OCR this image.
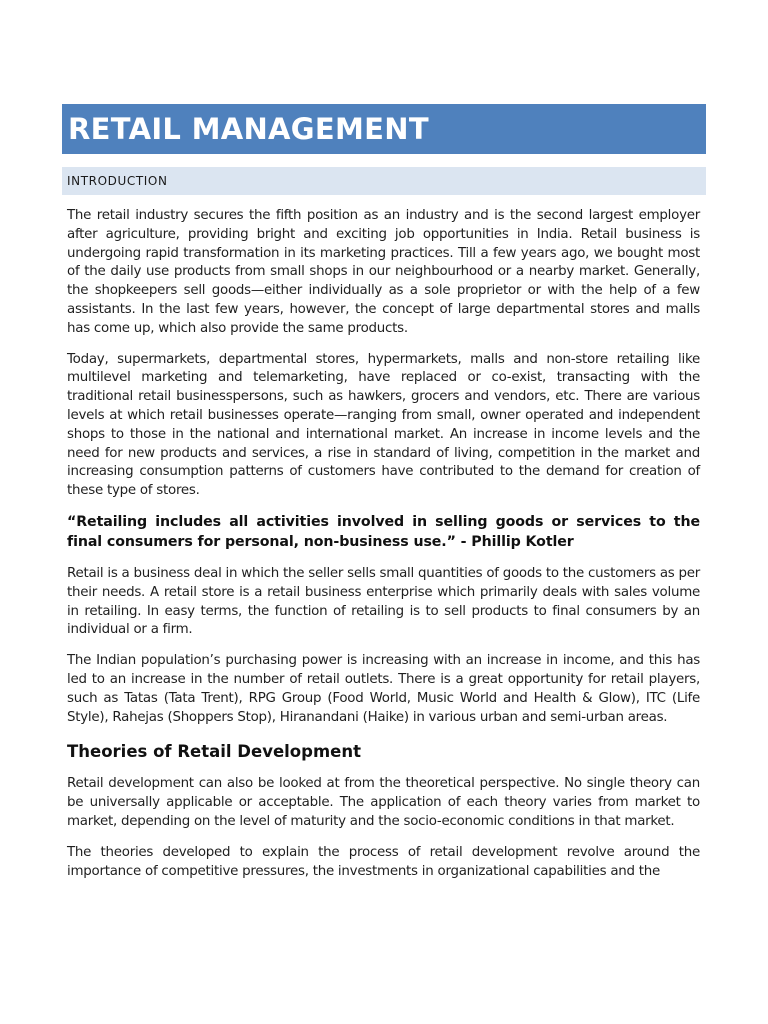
RETAIL MANAGEMENT
INTRODUCTION

The retail industry secures the fifth position as an industry and is the second largest employer after agriculture, providing bright and exciting job opportunities in India. Retail business is undergoing rapid transformation in its marketing practices. Till a few years ago, we bought most of the daily use products from small shops in our neighbourhood or a nearby market. Generally, the shopkeepers sell goods—either individually as a sole proprietor or with the help of a few assistants. In the last few years, however, the concept of large departmental stores and malls has come up, which also provide the same products.

Today, supermarkets, departmental stores, hypermarkets, malls and non-store retailing like multilevel marketing and telemarketing, have replaced or co-exist, transacting with the traditional retail businesspersons, such as hawkers, grocers and vendors, etc. There are various levels at which retail businesses operate—ranging from small, owner operated and independent shops to those in the national and international market. An increase in income levels and the need for new products and services, a rise in standard of living, competition in the market and increasing consumption patterns of customers have contributed to the demand for creation of these type of stores.

“Retailing includes all activities involved in selling goods or services to the final consumers for personal, non-business use.” - Phillip Kotler

Retail is a business deal in which the seller sells small quantities of goods to the customers as per their needs. A retail store is a retail business enterprise which primarily deals with sales volume in retailing. In easy terms, the function of retailing is to sell products to final consumers by an individual or a firm.

The Indian population’s purchasing power is increasing with an increase in income, and this has led to an increase in the number of retail outlets. There is a great opportunity for retail players, such as Tatas (Tata Trent), RPG Group (Food World, Music World and Health & Glow), ITC (Life Style), Rahejas (Shoppers Stop), Hiranandani (Haike) in various urban and semi-urban areas.

Theories of Retail Development

Retail development can also be looked at from the theoretical perspective. No single theory can be universally applicable or acceptable. The application of each theory varies from market to market, depending on the level of maturity and the socio-economic conditions in that market.

The theories developed to explain the process of retail development revolve around the importance of competitive pressures, the investments in organizational capabilities and the
